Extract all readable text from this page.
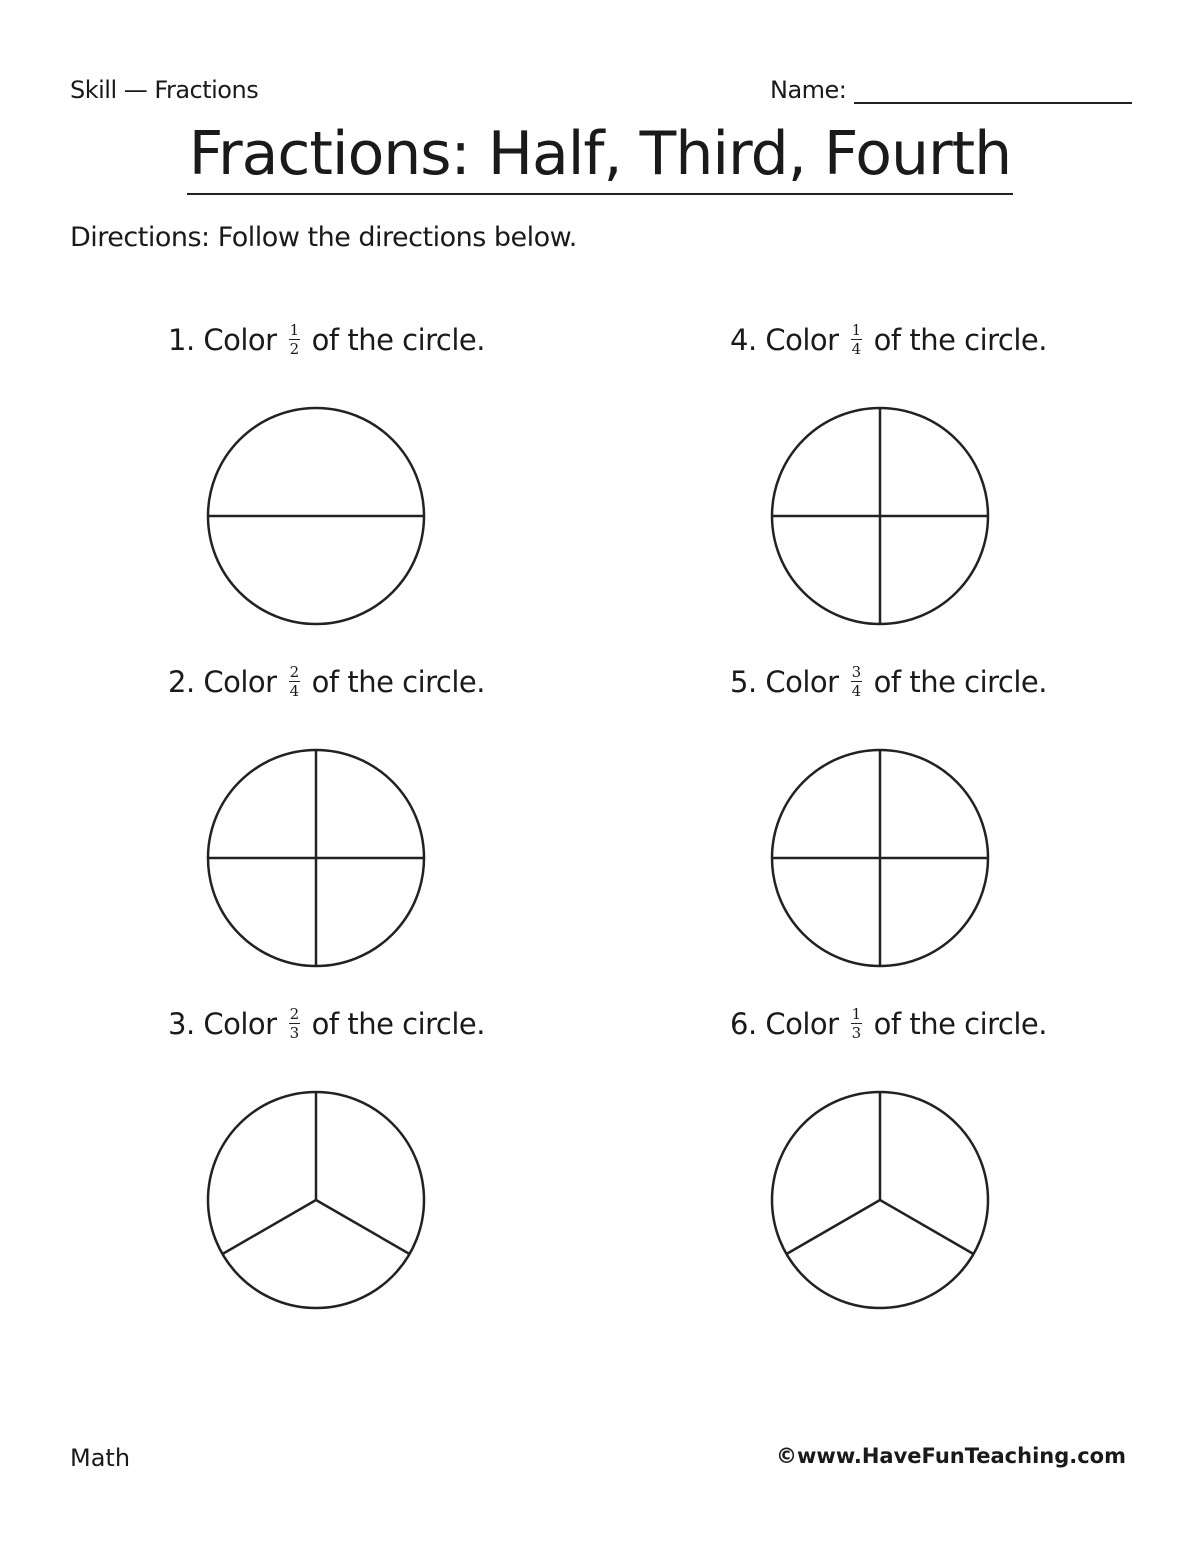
Skill — Fractions	Name:
Fractions: Half, Third, Fourth
Directions: Follow the directions below.
1. Color $\frac{1}{2}$ of the circle.
2. Color $\frac{2}{4}$ of the circle.
3. Color $\frac{2}{3}$ of the circle.
4. Color $\frac{1}{4}$ of the circle.
5. Color $\frac{3}{4}$ of the circle.
6. Color $\frac{1}{3}$ of the circle.
Math	©www.HaveFunTeaching.com
